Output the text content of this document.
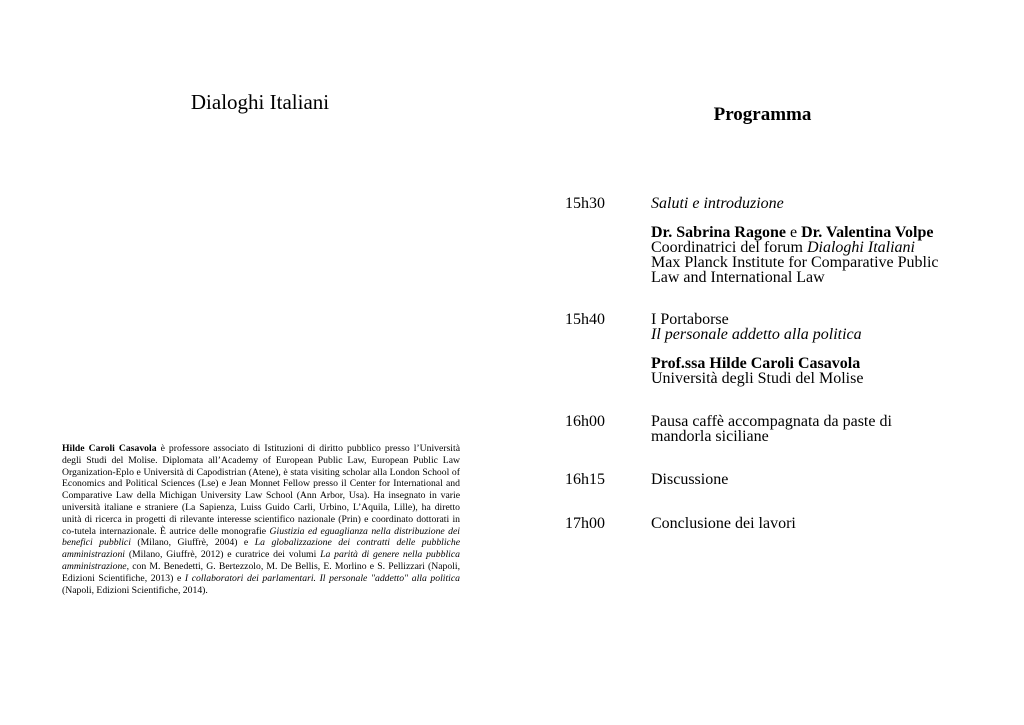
Dialoghi Italiani
Programma
Hilde Caroli Casavola è professore associato di Istituzioni di diritto pubblico presso l’Università degli Studi del Molise. Diplomata all’Academy of European Public Law, European Public Law Organization-Eplo e Università di Capodistrian (Atene), è stata visiting scholar alla London School of Economics and Political Sciences (Lse) e Jean Monnet Fellow presso il Center for International and Comparative Law della Michigan University Law School (Ann Arbor, Usa). Ha insegnato in varie università italiane e straniere (La Sapienza, Luiss Guido Carli, Urbino, L’Aquila, Lille), ha diretto unità di ricerca in progetti di rilevante interesse scientifico nazionale (Prin) e coordinato dottorati in co-tutela internazionale. È autrice delle monografie Giustizia ed eguaglianza nella distribuzione dei benefici pubblici (Milano, Giuffrè, 2004) e La globalizzazione dei contratti delle pubbliche amministrazioni (Milano, Giuffrè, 2012) e curatrice dei volumi La parità di genere nella pubblica amministrazione, con M. Benedetti, G. Bertezzolo, M. De Bellis, E. Morlino e S. Pellizzari (Napoli, Edizioni Scientifiche, 2013) e I collaboratori dei parlamentari. Il personale "addetto" alla politica (Napoli, Edizioni Scientifiche, 2014).
15h30	Saluti e introduzione
Dr. Sabrina Ragone e Dr. Valentina Volpe
Coordinatrici del forum Dialoghi Italiani
Max Planck Institute for Comparative Public
Law and International Law
15h40	I Portaborse
Il personale addetto alla politica
Prof.ssa Hilde Caroli Casavola
Università degli Studi del Molise
16h00	Pausa caffè accompagnata da paste di
mandorla siciliane
16h15	Discussione
17h00	Conclusione dei lavori
